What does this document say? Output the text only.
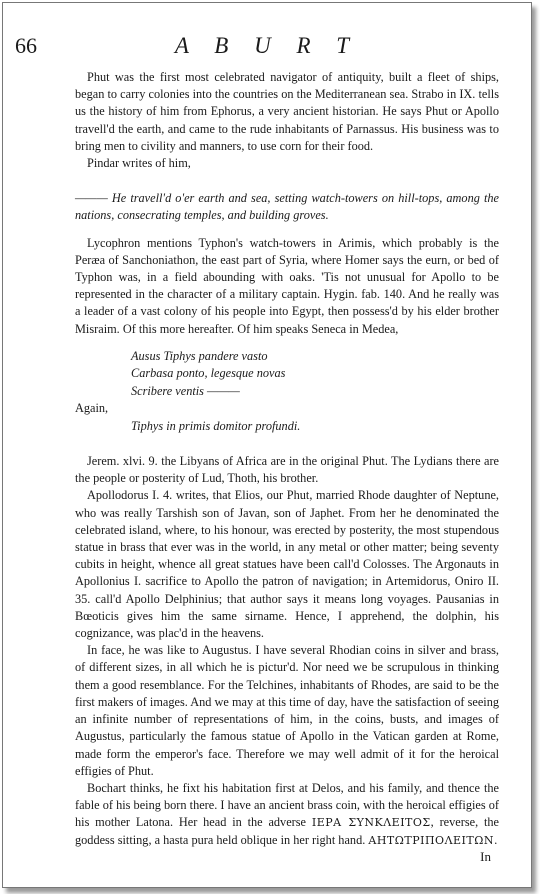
66	A B U R T

Phut was the first most celebrated navigator of antiquity, built a fleet of ships, began to carry colonies into the countries on the Mediterranean sea. Strabo in IX. tells us the history of him from Ephorus, a very ancient historian. He says Phut or Apollo travell'd the earth, and came to the rude inhabitants of Parnassus. His business was to bring men to civility and manners, to use corn for their food.

Pindar writes of him,

——— He travell'd o'er earth and sea, setting watch-towers on hill-tops, among the nations, consecrating temples, and building groves.

Lycophron mentions Typhon's watch-towers in Arimis, which probably is the Peræa of Sanchoniathon, the east part of Syria, where Homer says the eurn, or bed of Typhon was, in a field abounding with oaks. 'Tis not unusual for Apollo to be represented in the character of a military captain. Hygin. fab. 140. And he really was a leader of a vast colony of his people into Egypt, then possess'd by his elder brother Misraim. Of this more hereafter. Of him speaks Seneca in Medea,

Ausus Tiphys pandere vasto

Carbasa ponto, legesque novas

Scribere ventis ———

Again,

Tiphys in primis domitor profundi.

Jerem. xlvi. 9. the Libyans of Africa are in the original Phut. The Lydians there are the people or posterity of Lud, Thoth, his brother.

Apollodorus I. 4. writes, that Elios, our Phut, married Rhode daughter of Neptune, who was really Tarshish son of Javan, son of Japhet. From her he denominated the celebrated island, where, to his honour, was erected by posterity, the most stupendous statue in brass that ever was in the world, in any metal or other matter; being seventy cubits in height, whence all great statues have been call'd Colosses. The Argonauts in Apollonius I. sacrifice to Apollo the patron of navigation; in Artemidorus, Oniro II. 35. call'd Apollo Delphinius; that author says it means long voyages. Pausanias in Bœoticis gives him the same sirname. Hence, I apprehend, the dolphin, his cognizance, was plac'd in the heavens.

In face, he was like to Augustus. I have several Rhodian coins in silver and brass, of different sizes, in all which he is pictur'd. Nor need we be scrupulous in thinking them a good resemblance. For the Telchines, inhabitants of Rhodes, are said to be the first makers of images. And we may at this time of day, have the satisfaction of seeing an infinite number of representations of him, in the coins, busts, and images of Augustus, particularly the famous statue of Apollo in the Vatican garden at Rome, made form the emperor's face. Therefore we may well admit of it for the heroical effigies of Phut.

Bochart thinks, he fixt his habitation first at Delos, and his family, and thence the fable of his being born there. I have an ancient brass coin, with the heroical effigies of his mother Latona. Her head in the adverse ΙΕΡΑ ΣΥΝΚΛΕΙΤΟΣ, reverse, the goddess sitting, a hasta pura held oblique in her right hand. ΑΗΤΩΤΡΙΠΟΛΕΙΤΩΝ.

In
